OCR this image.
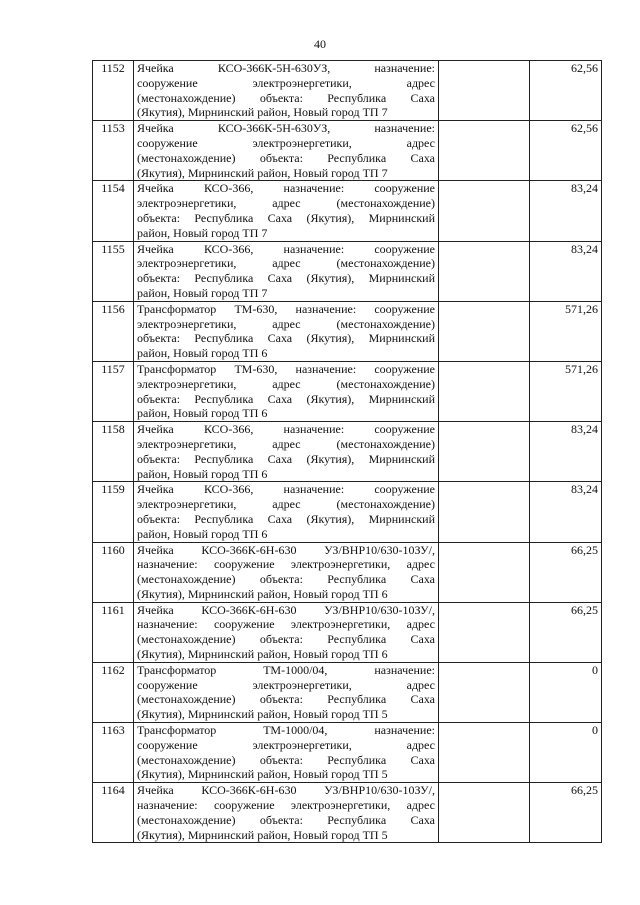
40
1152	Ячейка КСО-366К-5Н-630УЗ, назначение:
сооружение электроэнергетики, адрес
(местонахождение) объекта: Республика Саха
(Якутия), Мирнинский район, Новый город ТП 7		62,56
1153	Ячейка КСО-366К-5Н-630УЗ, назначение:
сооружение электроэнергетики, адрес
(местонахождение) объекта: Республика Саха
(Якутия), Мирнинский район, Новый город ТП 7		62,56
1154	Ячейка КСО-366, назначение: сооружение
электроэнергетики, адрес (местонахождение)
объекта: Республика Саха (Якутия), Мирнинский
район, Новый город ТП 7		83,24
1155	Ячейка КСО-366, назначение: сооружение
электроэнергетики, адрес (местонахождение)
объекта: Республика Саха (Якутия), Мирнинский
район, Новый город ТП 7		83,24
1156	Трансформатор ТМ-630, назначение: сооружение
электроэнергетики, адрес (местонахождение)
объекта: Республика Саха (Якутия), Мирнинский
район, Новый город ТП 6		571,26
1157	Трансформатор ТМ-630, назначение: сооружение
электроэнергетики, адрес (местонахождение)
объекта: Республика Саха (Якутия), Мирнинский
район, Новый город ТП 6		571,26
1158	Ячейка КСО-366, назначение: сооружение
электроэнергетики, адрес (местонахождение)
объекта: Республика Саха (Якутия), Мирнинский
район, Новый город ТП 6		83,24
1159	Ячейка КСО-366, назначение: сооружение
электроэнергетики, адрес (местонахождение)
объекта: Республика Саха (Якутия), Мирнинский
район, Новый город ТП 6		83,24
1160	Ячейка КСО-366К-6Н-630 УЗ/ВНР10/630-10ЗУ/,
назначение: сооружение электроэнергетики, адрес
(местонахождение) объекта: Республика Саха
(Якутия), Мирнинский район, Новый город ТП 6		66,25
1161	Ячейка КСО-366К-6Н-630 УЗ/ВНР10/630-10ЗУ/,
назначение: сооружение электроэнергетики, адрес
(местонахождение) объекта: Республика Саха
(Якутия), Мирнинский район, Новый город ТП 6		66,25
1162	Трансформатор ТМ-1000/04, назначение:
сооружение электроэнергетики, адрес
(местонахождение) объекта: Республика Саха
(Якутия), Мирнинский район, Новый город ТП 5		0
1163	Трансформатор ТМ-1000/04, назначение:
сооружение электроэнергетики, адрес
(местонахождение) объекта: Республика Саха
(Якутия), Мирнинский район, Новый город ТП 5		0
1164	Ячейка КСО-366К-6Н-630 УЗ/ВНР10/630-10ЗУ/,
назначение: сооружение электроэнергетики, адрес
(местонахождение) объекта: Республика Саха
(Якутия), Мирнинский район, Новый город ТП 5		66,25
